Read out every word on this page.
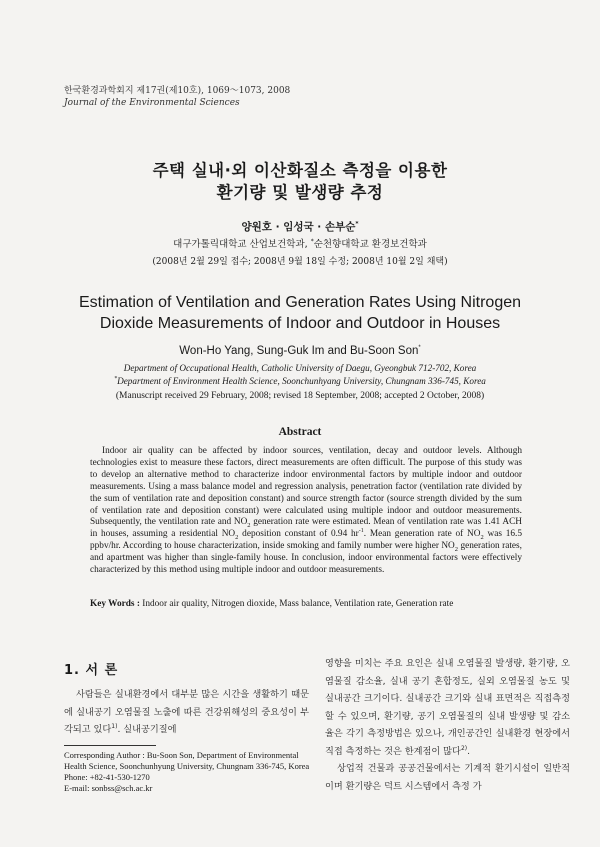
한국환경과학회지 제17권(제10호), 1069～1073, 2008
Journal of the Environmental Sciences
주택 실내·외 이산화질소 측정을 이용한
환기량 및 발생량 추정
양원호 · 임성국 · 손부순*
대구가톨릭대학교 산업보건학과, *순천향대학교 환경보건학과
(2008년 2월 29일 접수; 2008년 9월 18일 수정; 2008년 10월 2일 채택)
Estimation of Ventilation and Generation Rates Using Nitrogen
Dioxide Measurements of Indoor and Outdoor in Houses
Won-Ho Yang, Sung-Guk Im and Bu-Soon Son*
Department of Occupational Health, Catholic University of Daegu, Gyeongbuk 712-702, Korea
*Department of Environment Health Science, Soonchunhyang University, Chungnam 336-745, Korea
(Manuscript received 29 February, 2008; revised 18 September, 2008; accepted 2 October, 2008)
Abstract
Indoor air quality can be affected by indoor sources, ventilation, decay and outdoor levels. Although technologies exist to measure these factors, direct measurements are often difficult. The purpose of this study was to develop an alternative method to characterize indoor environmental factors by multiple indoor and outdoor measurements. Using a mass balance model and regression analysis, penetration factor (ventilation rate divided by the sum of ventilation rate and deposition constant) and source strength factor (source strength divided by the sum of ventilation rate and deposition constant) were calculated using multiple indoor and outdoor measurements. Subsequently, the ventilation rate and $NO_2$ generation rate were estimated. Mean of ventilation rate was 1.41 ACH in houses, assuming a residential $NO_2$ deposition constant of 0.94 $hr^{-1}$. Mean generation rate of $NO_2$ was 16.5 ppbv/hr. According to house characterization, inside smoking and family number were higher $NO_2$ generation rates, and apartment was higher than single-family house. In conclusion, indoor environmental factors were effectively characterized by this method using multiple indoor and outdoor measurements.
Key Words : Indoor air quality, Nitrogen dioxide, Mass balance, Ventilation rate, Generation rate
1. 서 론
사람들은 실내환경에서 대부분 많은 시간을 생활하기 때문에 실내공기 오염물질 노출에 따른 건강위해성의 중요성이 부각되고 있다$^{1)}$. 실내공기질에
Corresponding Author : Bu-Soon Son, Department of Environmental Health Science, Soonchunhyung University, Chungnam 336-745, Korea
Phone: +82-41-530-1270
E-mail: sonbss@sch.ac.kr

영향을 미치는 주요 요인은 실내 오염물질 발생량, 환기량, 오염물질 감소율, 실내 공기 혼합정도, 실외 오염물질 농도 및 실내공간 크기이다. 실내공간 크기와 실내 표면적은 직접측정 할 수 있으며, 환기량, 공기 오염물질의 실내 발생량 및 감소율은 각기 측정방법은 있으나, 개인공간인 실내환경 현장에서 직접 측정하는 것은 한계점이 많다$^{2)}$.

상업적 건물과 공공건물에서는 기계적 환기시설이 일반적이며 환기량은 덕트 시스템에서 측정 가
